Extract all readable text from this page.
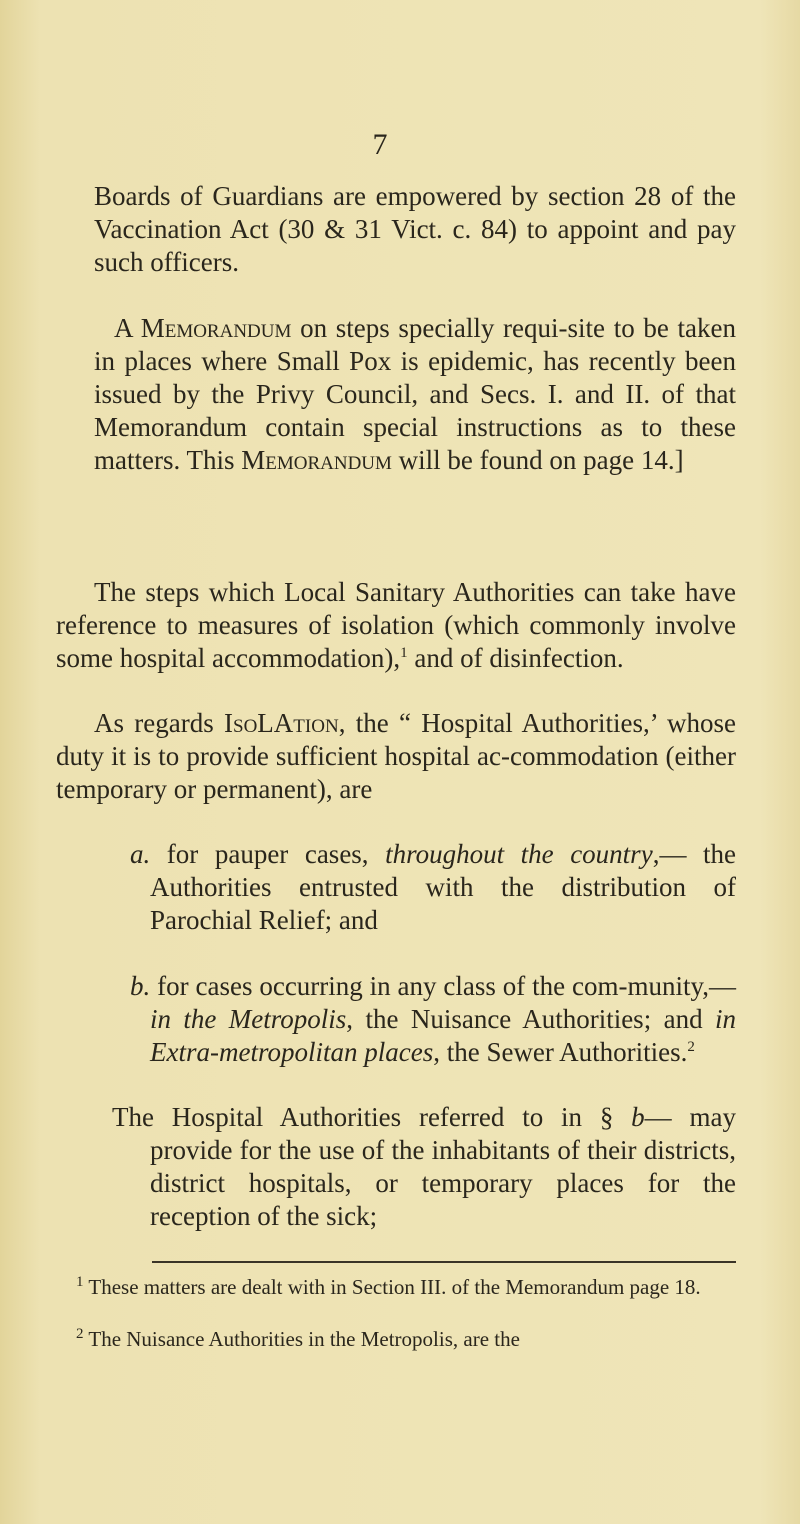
7

Boards of Guardians are empowered by section 28 of the Vaccination Act (30 & 31 Vict. c. 84) to appoint and pay such officers.

A Memorandum on steps specially requi-site to be taken in places where Small Pox is epidemic, has recently been issued by the Privy Council, and Secs. I. and II. of that Memorandum contain special instructions as to these matters. This Memorandum will be found on page 14.]

The steps which Local Sanitary Authorities can take have reference to measures of isolation (which commonly involve some hospital accommodation),$^1$ and of disinfection.

As regards IsoLAtion, the “ Hospital Authorities,’ whose duty it is to provide sufficient hospital ac-commodation (either temporary or permanent), are

a. for pauper cases, throughout the country,— the Authorities entrusted with the distribution of Parochial Relief; and

b. for cases occurring in any class of the com-munity,—in the Metropolis, the Nuisance Authorities; and in Extra-metropolitan places, the Sewer Authorities.$^2$

The Hospital Authorities referred to in § b— may provide for the use of the inhabitants of their districts, district hospitals, or temporary places for the reception of the sick;

$^1$ These matters are dealt with in Section III. of the Memorandum page 18.

$^2$ The Nuisance Authorities in the Metropolis, are the
